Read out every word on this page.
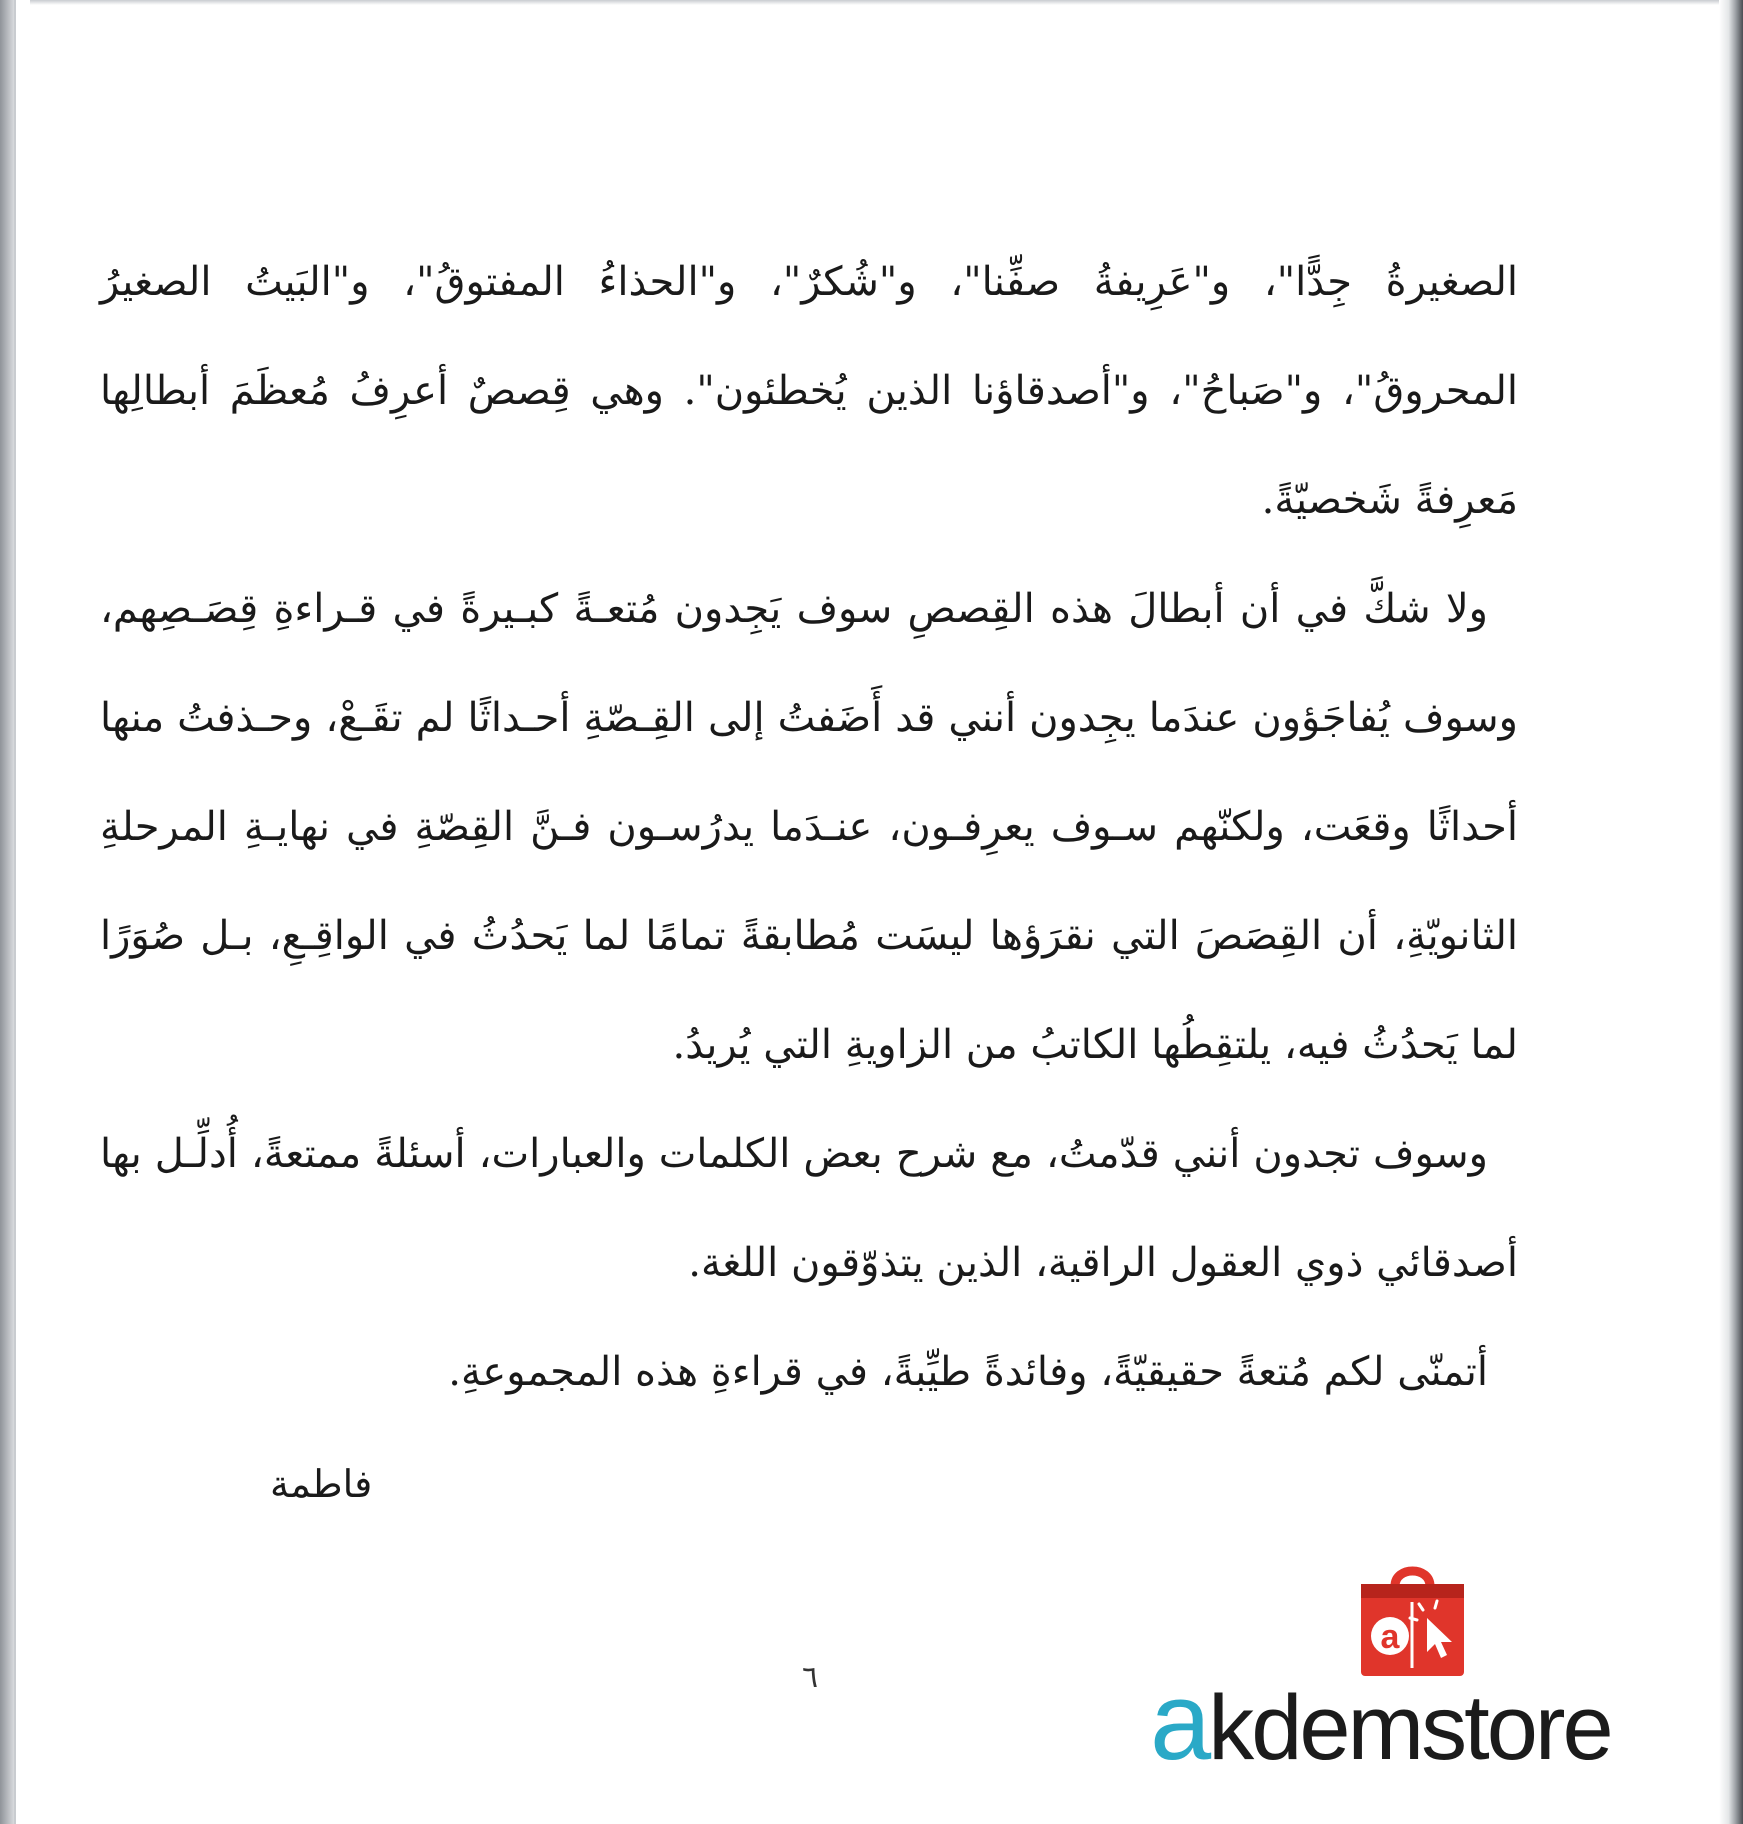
الصغيرةُ جِدًّا"، و"عَرِيفةُ صفِّنا"، و"شُكرٌ"، و"الحذاءُ المفتوقُ"، و"البَيتُ الصغيرُ المحروقُ"، و"صَباحُ"، و"أصدقاؤنا الذين يُخطئون". وهي قِصصٌ أعرِفُ مُعظَمَ أبطالِها مَعرِفةً شَخصيّةً.

ولا شكَّ في أن أبطالَ هذه القِصصِ سوف يَجِدون مُتعـةً كبـيرةً في قـراءةِ قِصَـصِهم، وسوف يُفاجَؤون عندَما يجِدون أنني قد أَضَفتُ إلى القِـصّةِ أحـداثًا لم تقَـعْ، وحـذفتُ منها أحداثًا وقعَت، ولكنّهم سـوف يعرِفـون، عنـدَما يدرُسـون فـنَّ القِصّةِ في نهايـةِ المرحلةِ الثانويّةِ، أن القِصَصَ التي نقرَؤها ليسَت مُطابقةً تمامًا لما يَحدُثُ في الواقِـعِ، بـل صُوَرًا لما يَحدُثُ فيه، يلتقِطُها الكاتبُ من الزاويةِ التي يُريدُ.

وسوف تجدون أنني قدّمتُ، مع شرح بعض الكلمات والعبارات، أسئلةً ممتعةً، أُدلِّـل بها أصدقائي ذوي العقول الراقية، الذين يتذوّقون اللغة.

أتمنّى لكم مُتعةً حقيقيّةً، وفائدةً طيِّبةً، في قراءةِ هذه المجموعةِ.

فاطمة
٦
a
akdemstore
